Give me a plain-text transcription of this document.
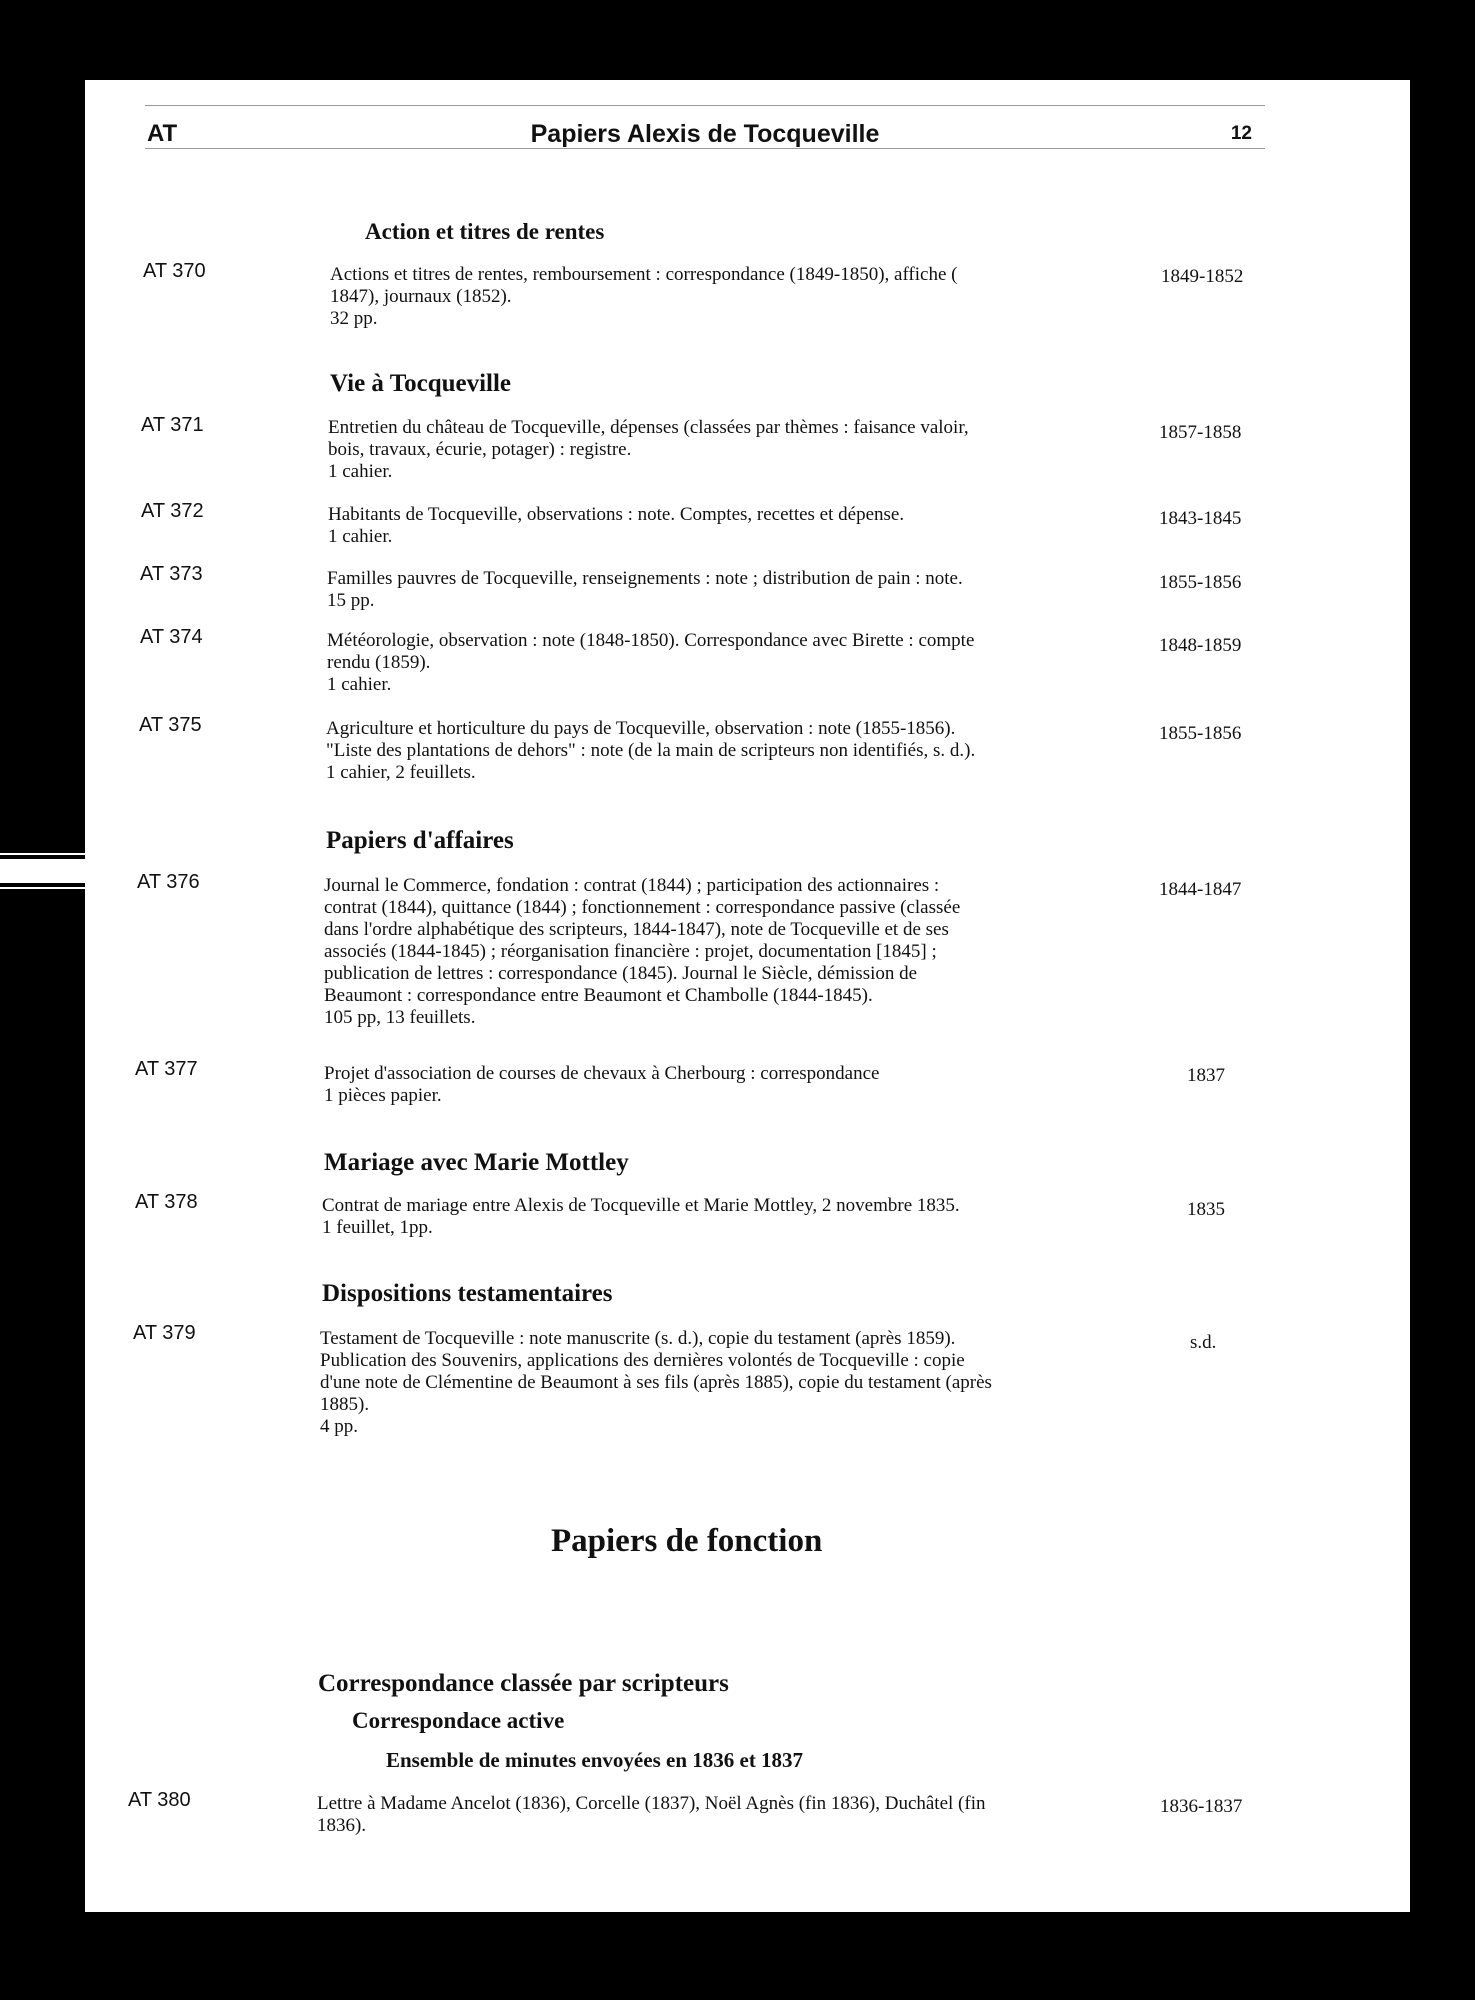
AT	Papiers Alexis de Tocqueville	12
Action et titres de rentes
AT 370	Actions et titres de rentes, remboursement : correspondance (1849-1850), affiche (
1847), journaux (1852).
32 pp.
1849-1852
Vie à Tocqueville
AT 371	Entretien du château de Tocqueville, dépenses (classées par thèmes : faisance valoir,
bois, travaux, écurie, potager) : registre.
1 cahier.
1857-1858
AT 372	Habitants de Tocqueville, observations : note. Comptes, recettes et dépense.
1 cahier.
1843-1845
AT 373	Familles pauvres de Tocqueville, renseignements : note ; distribution de pain : note.
15 pp.
1855-1856
AT 374	Météorologie, observation : note (1848-1850). Correspondance avec Birette : compte
rendu (1859).
1 cahier.
1848-1859
AT 375	Agriculture et horticulture du pays de Tocqueville, observation : note (1855-1856).
"Liste des plantations de dehors" : note (de la main de scripteurs non identifiés, s. d.).
1 cahier, 2 feuillets.
1855-1856
Papiers d'affaires
AT 376	Journal le Commerce, fondation : contrat (1844) ; participation des actionnaires :
contrat (1844), quittance (1844) ; fonctionnement : correspondance passive (classée
dans l'ordre alphabétique des scripteurs, 1844-1847), note de Tocqueville et de ses
associés (1844-1845) ; réorganisation financière : projet, documentation [1845] ;
publication de lettres : correspondance (1845). Journal le Siècle, démission de
Beaumont : correspondance entre Beaumont et Chambolle (1844-1845).
105 pp, 13 feuillets.
1844-1847
AT 377	Projet d'association de courses de chevaux à Cherbourg : correspondance
1 pièces papier.
1837
Mariage avec Marie Mottley
AT 378	Contrat de mariage entre Alexis de Tocqueville et Marie Mottley, 2 novembre 1835.
1 feuillet, 1pp.
1835
Dispositions testamentaires
AT 379	Testament de Tocqueville : note manuscrite (s. d.), copie du testament (après 1859).
Publication des Souvenirs, applications des dernières volontés de Tocqueville : copie
d'une note de Clémentine de Beaumont à ses fils (après 1885), copie du testament (après
1885).
4 pp.
s.d.
Papiers de fonction
Correspondance classée par scripteurs
Correspondace active
Ensemble de minutes envoyées en 1836 et 1837
AT 380	Lettre à Madame Ancelot (1836), Corcelle (1837), Noël Agnès (fin 1836), Duchâtel (fin
1836).
1836-1837
